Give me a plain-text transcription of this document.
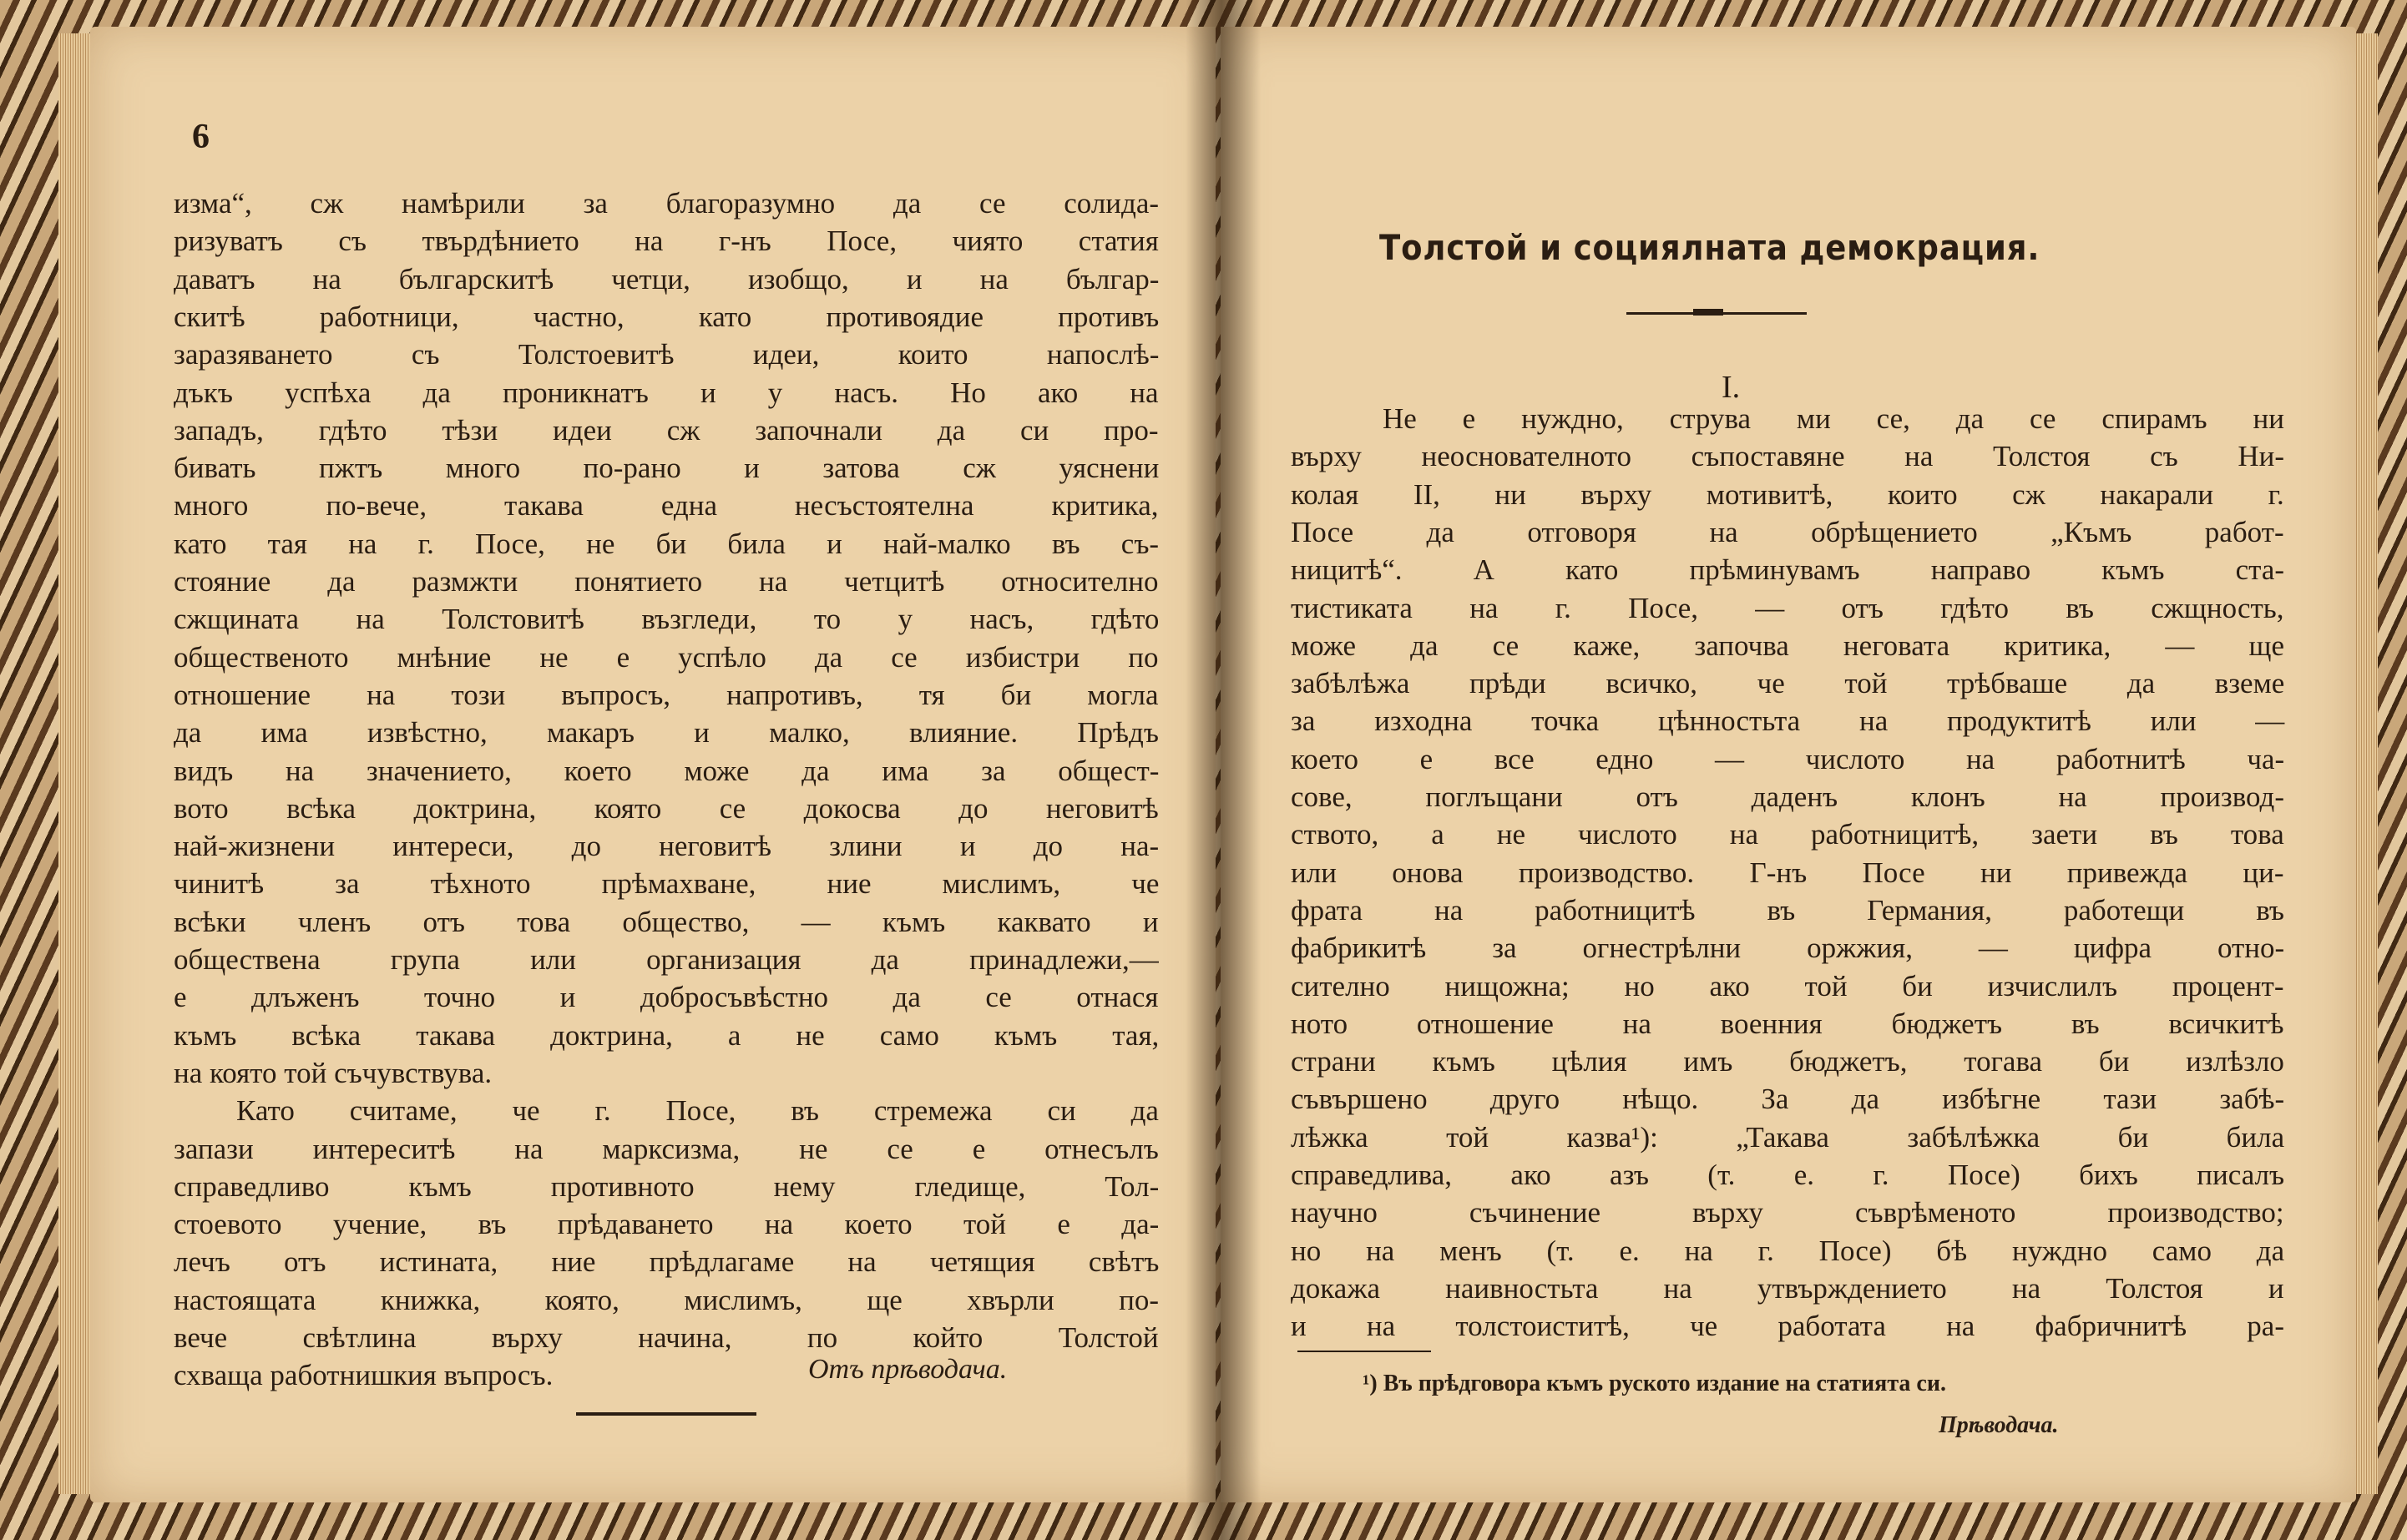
6
изма“, сж намѣрили за благоразумно да се солида-
ризуватъ съ твърдѣнието на г-нъ Посе, чиято статия
даватъ на българскитѣ четци, изобщо, и на българ-
скитѣ работници, частно, като противоядие противъ
заразяването съ Толстоевитѣ идеи, които напослѣ-
дъкъ успѣха да проникнатъ и у насъ. Но ако на
западъ, гдѣто тѣзи идеи сж започнали да си про-
бивать пжтъ много по-рано и затова сж уяснени
много по-вече, такава една несъстоятелна критика,
като тая на г. Посе, не би била и най-малко въ съ-
стояние да размжти понятието на четцитѣ относително
сжщината на Толстовитѣ възгледи, то у насъ, гдѣто
общественото мнѣние не е успѣло да се избистри по
отношение на този въпросъ, напротивъ, тя би могла
да има извѣстно, макаръ и малко, влияние. Прѣдъ
видъ на значението, което може да има за общест-
вото всѣка доктрина, която се докосва до неговитѣ
най-жизнени интереси, до неговитѣ злини и до на-
чинитѣ за тѣхното прѣмахване, ние мислимъ, че
всѣки членъ отъ това общество, — къмъ каквато и
обществена група или организация да принадлежи,—
е длъженъ точно и добросъвѣстно да се отнася
къмъ всѣка такава доктрина, а не само къмъ тая,
на която той съчувствува.
Като считаме, че г. Посе, въ стремежа си да
запази интереситѣ на марксизма, не се е отнесълъ
справедливо къмъ противното нему гледище, Тол-
стоевото учение, въ прѣдаването на което той е да-
лечъ отъ истината, ние прѣдлагаме на четящия свѣтъ
настоящата книжка, която, мислимъ, ще хвърли по-
вече свѣтлина върху начина, по който Толстой
схваща работнишкия въпросъ.	Отъ прѣводача.
Толстой и социялната демокрация.
I.
Не е нуждно, струва ми се, да се спирамъ ни
върху неоснователното съпоставяне на Толстоя съ Ни-
колая II, ни върху мотивитѣ, които сж накарали г.
Посе да отговоря на обрѣщението „Къмъ работ-
ницитѣ“. А като прѣминувамъ направо къмъ ста-
тистиката на г. Посе, — отъ гдѣто въ сжщность,
може да се каже, започва неговата критика, — ще
забѣлѣжа прѣди всичко, че той трѣбваше да вземе
за изходна точка цѣнностьта на продуктитѣ или —
което е все едно — числото на работнитѣ ча-
сове, поглъщани отъ даденъ клонъ на производ-
ството, а не числото на работницитѣ, заети въ това
или онова производство. Г-нъ Посе ни привежда ци-
фрата на работницитѣ въ Германия, работещи въ
фабрикитѣ за огнестрѣлни оржжия, — цифра отно-
сително нищожна; но ако той би изчислилъ процент-
ното отношение на военния бюджетъ въ всичкитѣ
страни къмъ цѣлия имъ бюджетъ, тогава би излѣзло
съвършено друго нѣщо. За да избѣгне тази забѣ-
лѣжка той казва¹): „Такава забѣлѣжка би била
справедлива, ако азъ (т. е. г. Посе) бихъ писалъ
научно съчинение върху съврѣменото производство;
но на менъ (т. е. на г. Посе) бѣ нуждно само да
докажа наивностьта на утвърждението на Толстоя и
и на толстоиститѣ, че работата на фабричнитѣ ра-
¹) Въ прѣдговора къмъ руското издание на статията си.
Прѣводача.
